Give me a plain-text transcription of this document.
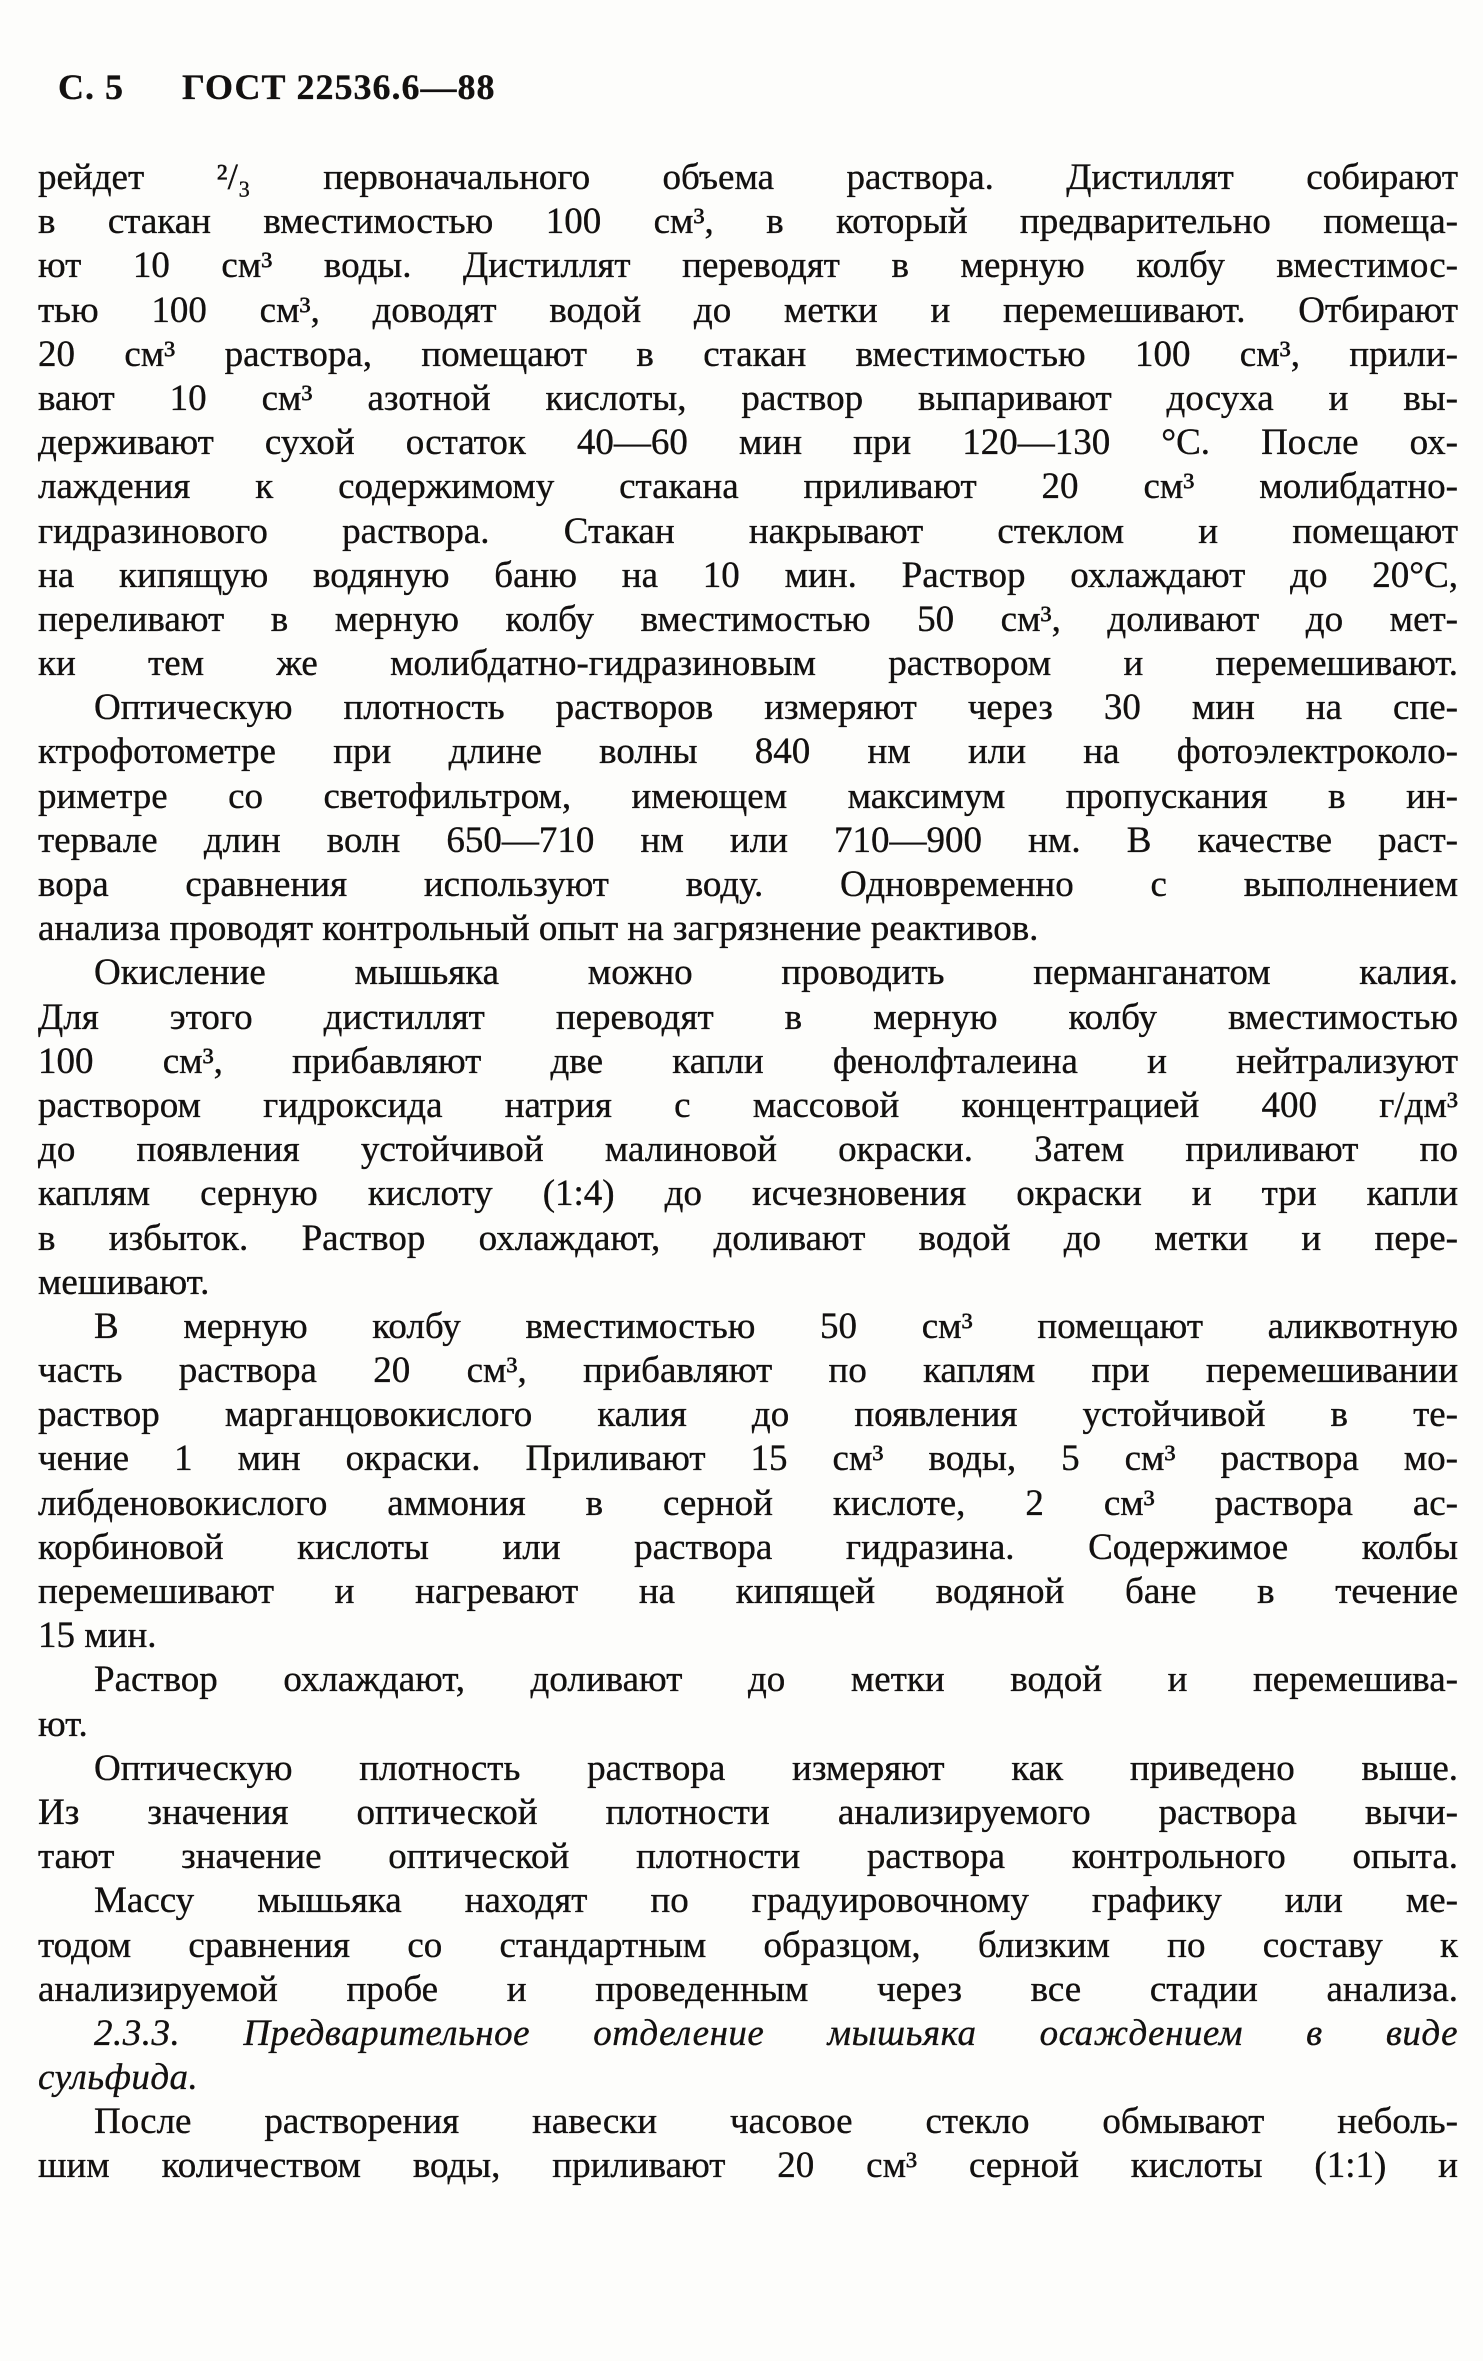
С. 5 ГОСТ 22536.6—88
рейдет ²/₃ первоначального объема раствора. Дистиллят собирают
в стакан вместимостью 100 см³, в который предварительно помеща-
ют 10 см³ воды. Дистиллят переводят в мерную колбу вместимос-
тью 100 см³, доводят водой до метки и перемешивают. Отбирают
20 см³ раствора, помещают в стакан вместимостью 100 см³, прили-
вают 10 см³ азотной кислоты, раствор выпаривают досуха и вы-
держивают сухой остаток 40—60 мин при 120—130 °С. После ох-
лаждения к содержимому стакана приливают 20 см³ молибдатно-
гидразинового раствора. Стакан накрывают стеклом и помещают
на кипящую водяную баню на 10 мин. Раствор охлаждают до 20°С,
переливают в мерную колбу вместимостью 50 см³, доливают до мет-
ки тем же молибдатно-гидразиновым раствором и перемешивают.
Оптическую плотность растворов измеряют через 30 мин на спе-
ктрофотометре при длине волны 840 нм или на фотоэлектроколо-
риметре со светофильтром, имеющем максимум пропускания в ин-
тервале длин волн 650—710 нм или 710—900 нм. В качестве раст-
вора сравнения используют воду. Одновременно с выполнением
анализа проводят контрольный опыт на загрязнение реактивов.
Окисление мышьяка можно проводить перманганатом калия.
Для этого дистиллят переводят в мерную колбу вместимостью
100 см³, прибавляют две капли фенолфталеина и нейтрализуют
раствором гидроксида натрия с массовой концентрацией 400 г/дм³
до появления устойчивой малиновой окраски. Затем приливают по
каплям серную кислоту (1:4) до исчезновения окраски и три капли
в избыток. Раствор охлаждают, доливают водой до метки и пере-
мешивают.
В мерную колбу вместимостью 50 см³ помещают аликвотную
часть раствора 20 см³, прибавляют по каплям при перемешивании
раствор марганцовокислого калия до появления устойчивой в те-
чение 1 мин окраски. Приливают 15 см³ воды, 5 см³ раствора мо-
либденовокислого аммония в серной кислоте, 2 см³ раствора ас-
корбиновой кислоты или раствора гидразина. Содержимое колбы
перемешивают и нагревают на кипящей водяной бане в течение
15 мин.
Раствор охлаждают, доливают до метки водой и перемешива-
ют.
Оптическую плотность раствора измеряют как приведено выше.
Из значения оптической плотности анализируемого раствора вычи-
тают значение оптической плотности раствора контрольного опыта.
Массу мышьяка находят по градуировочному графику или ме-
тодом сравнения со стандартным образцом, близким по составу к
анализируемой пробе и проведенным через все стадии анализа.
2.3.3. Предварительное отделение мышьяка осаждением в виде
сульфида.
После растворения навески часовое стекло обмывают неболь-
шим количеством воды, приливают 20 см³ серной кислоты (1:1) и
